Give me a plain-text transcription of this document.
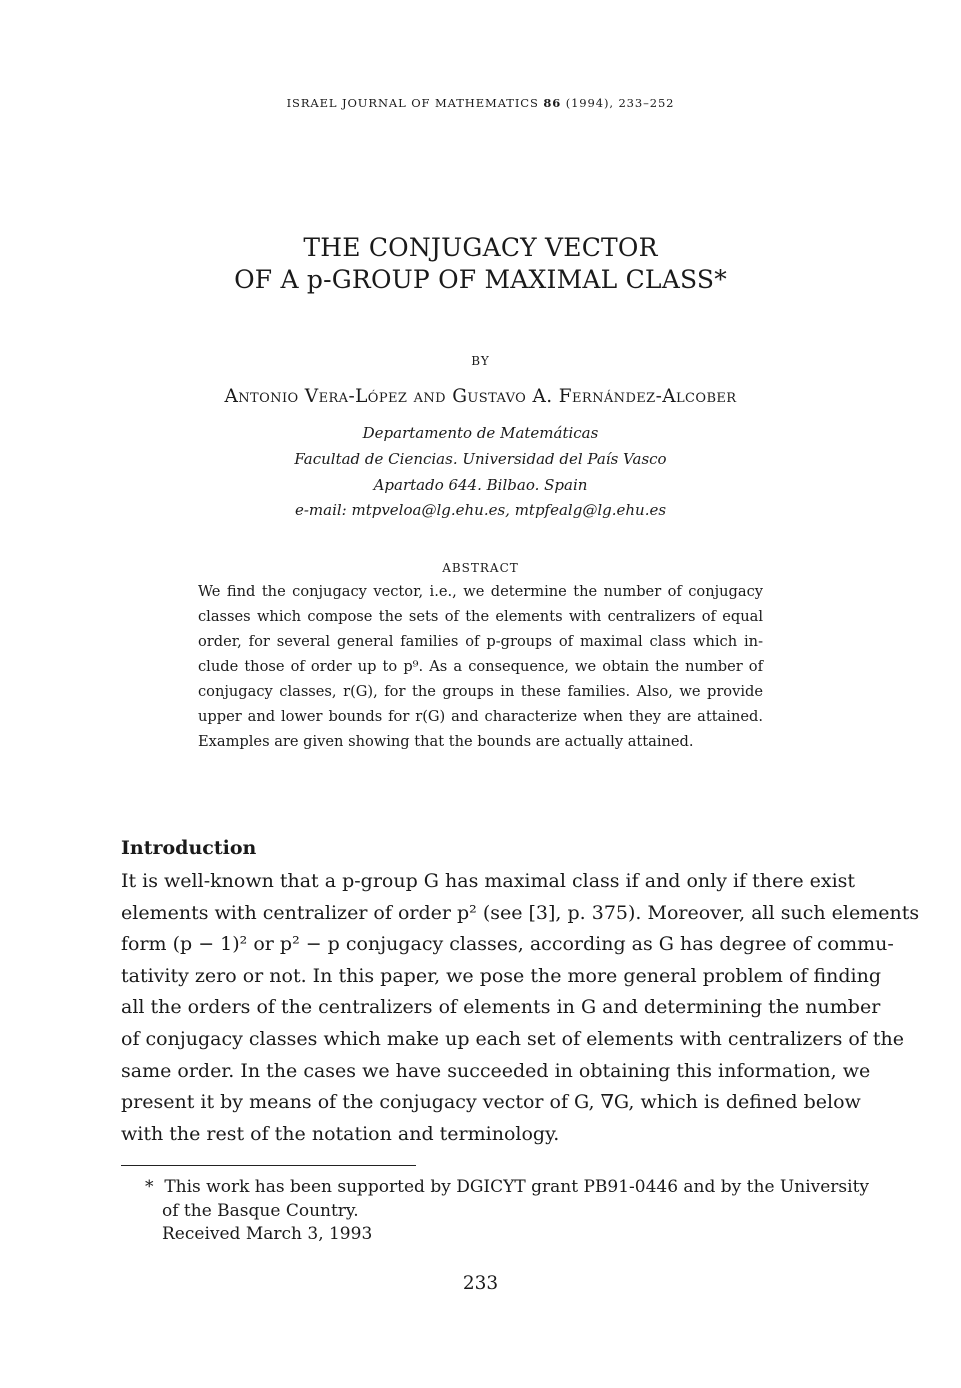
ISRAEL JOURNAL OF MATHEMATICS 86 (1994), 233–252
THE CONJUGACY VECTOR
OF A p-GROUP OF MAXIMAL CLASS*
BY
Antonio Vera-López and Gustavo A. Fernández-Alcober
Departamento de Matemáticas
Facultad de Ciencias. Universidad del País Vasco
Apartado 644. Bilbao. Spain
e-mail: mtpveloa@lg.ehu.es, mtpfealg@lg.ehu.es
ABSTRACT
We find the conjugacy vector, i.e., we determine the number of conjugacy
classes which compose the sets of the elements with centralizers of equal
order, for several general families of p-groups of maximal class which in-
clude those of order up to p⁹. As a consequence, we obtain the number of
conjugacy classes, r(G), for the groups in these families. Also, we provide
upper and lower bounds for r(G) and characterize when they are attained.
Examples are given showing that the bounds are actually attained.
Introduction
It is well-known that a p-group G has maximal class if and only if there exist
elements with centralizer of order p² (see [3], p. 375). Moreover, all such elements
form (p − 1)² or p² − p conjugacy classes, according as G has degree of commu-
tativity zero or not. In this paper, we pose the more general problem of finding
all the orders of the centralizers of elements in G and determining the number
of conjugacy classes which make up each set of elements with centralizers of the
same order. In the cases we have succeeded in obtaining this information, we
present it by means of the conjugacy vector of G, ∇G, which is defined below
with the rest of the notation and terminology.
* This work has been supported by DGICYT grant PB91-0446 and by the University
of the Basque Country.
Received March 3, 1993
233
